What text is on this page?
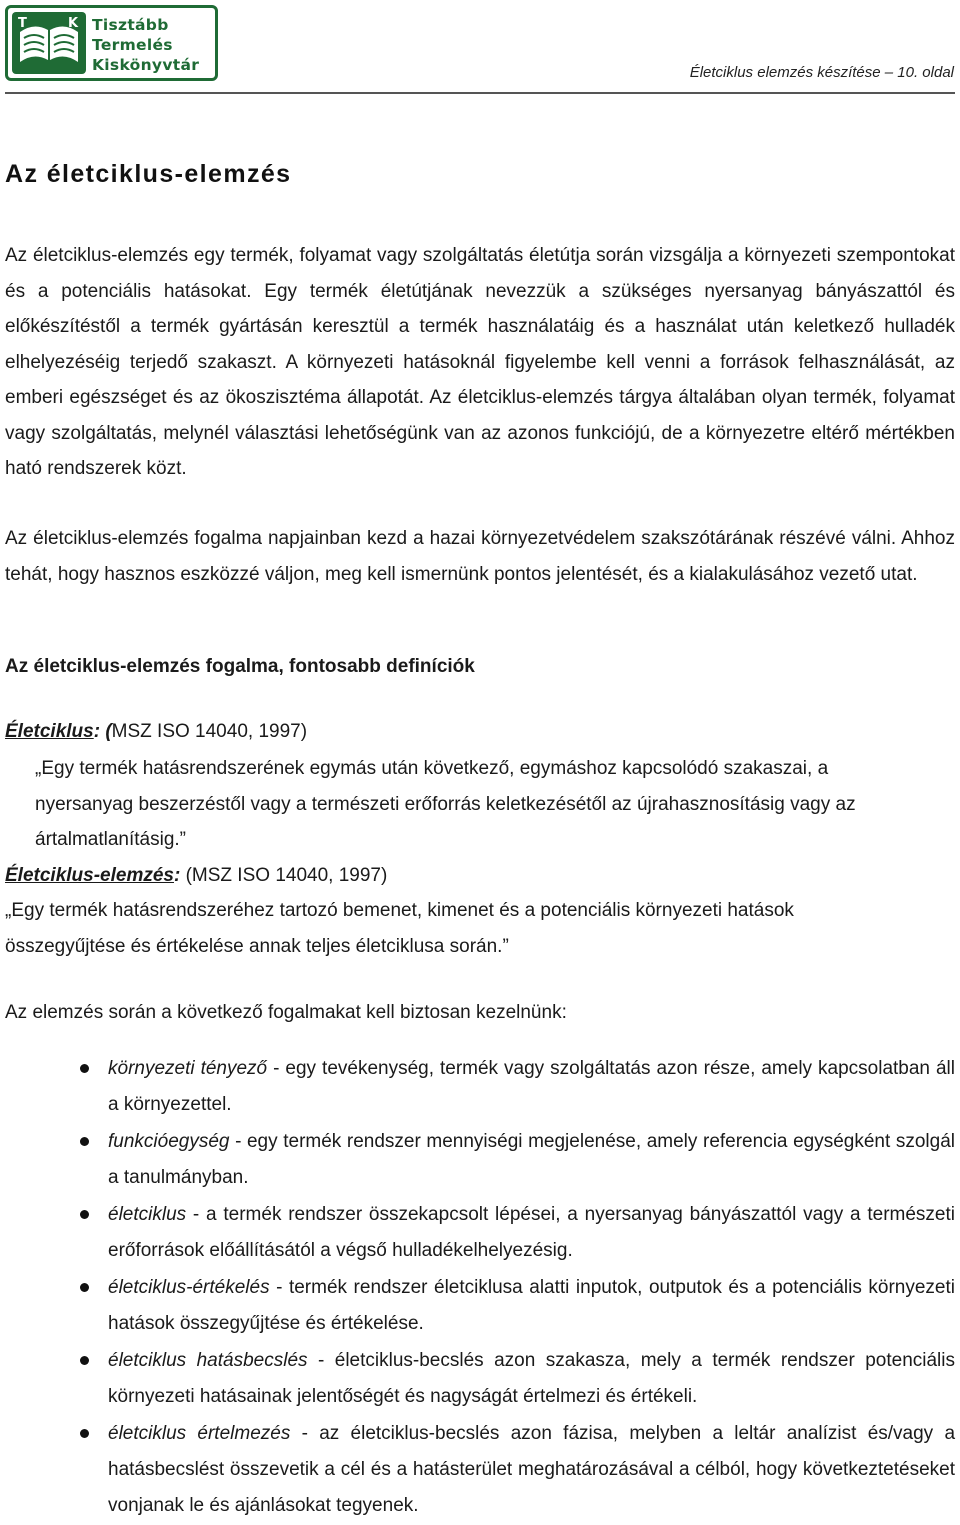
T	K Tisztább
Termelés
Kiskönyvtár	Életciklus elemzés készítése – 10. oldal
Az életciklus-elemzés

Az életciklus-elemzés egy termék, folyamat vagy szolgáltatás életútja során vizsgálja a környezeti szempontokat és a potenciális hatásokat. Egy termék életútjának nevezzük a szükséges nyersanyag bányászattól és előkészítéstől a termék gyártásán keresztül a termék használatáig és a használat után keletkező hulladék elhelyezéséig terjedő szakaszt. A környezeti hatásoknál figyelembe kell venni a források felhasználását, az emberi egészséget és az ökoszisztéma állapotát. Az életciklus-elemzés tárgya általában olyan termék, folyamat vagy szolgáltatás, melynél választási lehetőségünk van az azonos funkciójú, de a környezetre eltérő mértékben ható rendszerek közt.

Az életciklus-elemzés fogalma napjainban kezd a hazai környezetvédelem szakszótárának részévé válni. Ahhoz tehát, hogy hasznos eszközzé váljon, meg kell ismernünk pontos jelentését, és a kialakulásához vezető utat.

Az életciklus-elemzés fogalma, fontosabb definíciók

Életciklus: (MSZ ISO 14040, 1997)

„Egy termék hatásrendszerének egymás után következő, egymáshoz kapcsolódó szakaszai, a nyersanyag beszerzéstől vagy a természeti erőforrás keletkezésétől az újrahasznosításig vagy az ártalmatlanításig.”

Életciklus-elemzés: (MSZ ISO 14040, 1997)

„Egy termék hatásrendszeréhez tartozó bemenet, kimenet és a potenciális környezeti hatások összegyűjtése és értékelése annak teljes életciklusa során.”

Az elemzés során a következő fogalmakat kell biztosan kezelnünk:

környezeti tényező - egy tevékenység, termék vagy szolgáltatás azon része, amely kapcsolatban áll a környezettel.
funkcióegység - egy termék rendszer mennyiségi megjelenése, amely referencia egységként szolgál a tanulmányban.
életciklus - a termék rendszer összekapcsolt lépései, a nyersanyag bányászattól vagy a természeti erőforrások előállításától a végső hulladékelhelyezésig.
életciklus-értékelés - termék rendszer életciklusa alatti inputok, outputok és a potenciális környezeti hatások összegyűjtése és értékelése.
életciklus hatásbecslés - életciklus-becslés azon szakasza, mely a termék rendszer potenciális környezeti hatásainak jelentőségét és nagyságát értelmezi és értékeli.
életciklus értelmezés - az életciklus-becslés azon fázisa, melyben a leltár analízist és/vagy a hatásbecslést összevetik a cél és a hatásterület meghatározásával a célból, hogy következtetéseket vonjanak le és ajánlásokat tegyenek.
